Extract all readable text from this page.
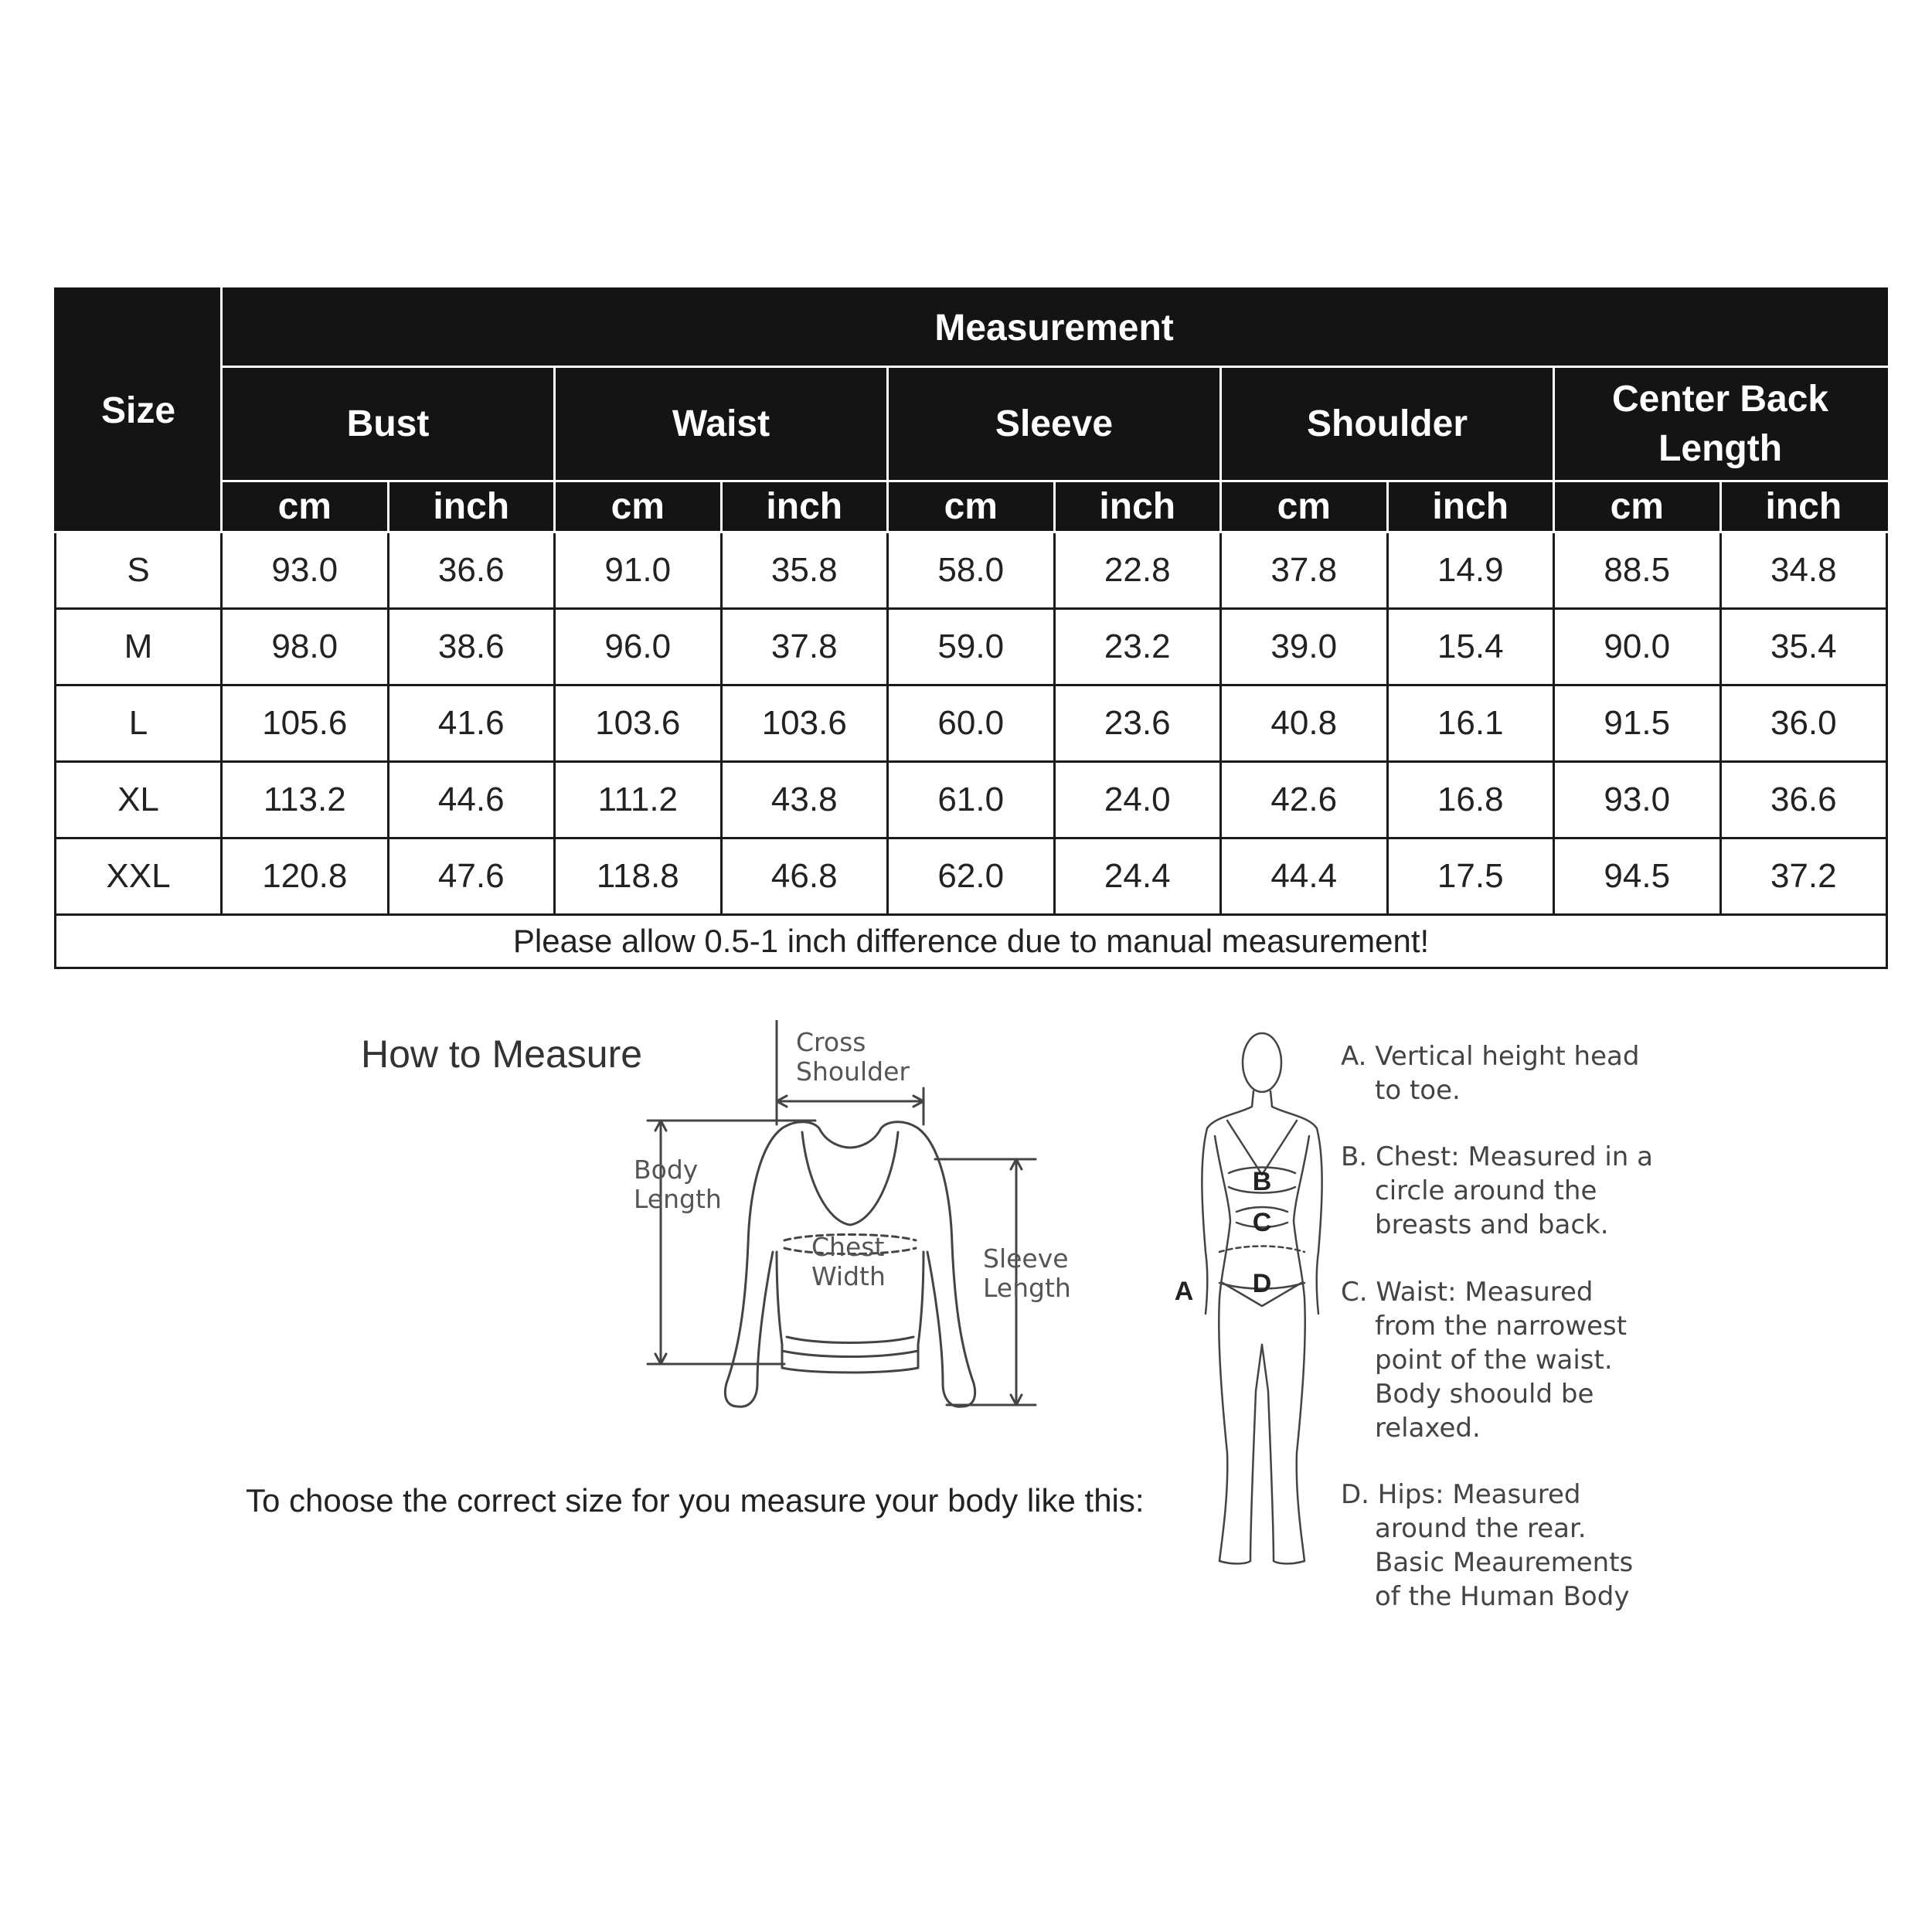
Size	Measurement									
	Bust		Waist		Sleeve		Shoulder		Center Back Length	
	cm	inch	cm	inch	cm	inch	cm	inch	cm	inch
S	93.0	36.6	91.0	35.8	58.0	22.8	37.8	14.9	88.5	34.8
M	98.0	38.6	96.0	37.8	59.0	23.2	39.0	15.4	90.0	35.4
L	105.6	41.6	103.6	103.6	60.0	23.6	40.8	16.1	91.5	36.0
XL	113.2	44.6	111.2	43.8	61.0	24.0	42.6	16.8	93.0	36.6
XXL	120.8	47.6	118.8	46.8	62.0	24.4	44.4	17.5	94.5	37.2
Please allow 0.5-1 inch difference due to manual measurement!										
How to Measure
To choose the correct size for you measure your body like this:
Cross
Shoulder
Body
Length
Chest
Width
Sleeve
Length
B
C
D
A
A. Vertical height head
to toe.
B. Chest: Measured in a
circle around the
breasts and back.
C. Waist: Measured
from the narrowest
point of the waist.
Body shoould be
relaxed.
D. Hips: Measured
around the rear.
Basic Meaurements
of the Human Body
